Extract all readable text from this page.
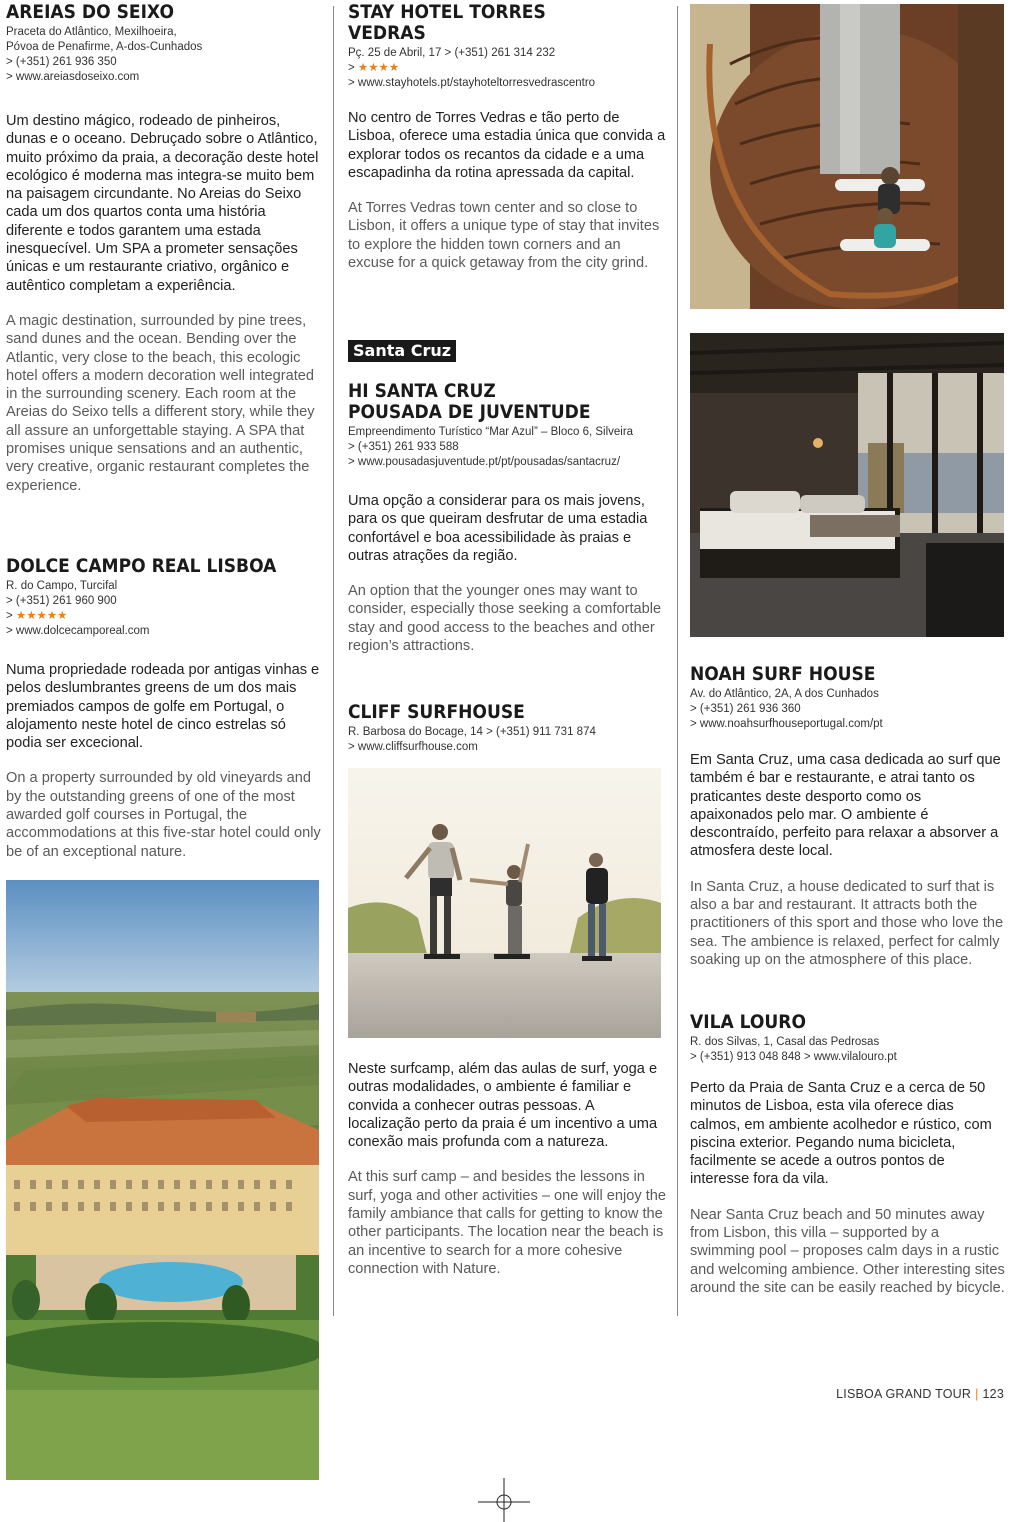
AREIAS DO SEIXO
Praceta do Atlântico, Mexilhoeira,
Póvoa de Penafirme, A-dos-Cunhados
> (+351) 261 936 350
> www.areiasdoseixo.com

Um destino mágico, rodeado de pinheiros, dunas e o oceano. Debruçado sobre o Atlântico, muito próximo da praia, a decoração deste hotel ecológico é moderna mas integra-se muito bem na paisagem circundante. No Areias do Seixo cada um dos quartos conta uma história diferente e todos garantem uma estada inesquecível. Um SPA a prometer sensações únicas e um restaurante criativo, orgânico e autêntico completam a experiência.

A magic destination, surrounded by pine trees, sand dunes and the ocean. Bending over the Atlantic, very close to the beach, this ecologic hotel offers a modern decoration well integrated in the surrounding scenery. Each room at the Areias do Seixo tells a different story, while they all assure an unforgettable staying. A SPA that promises unique sensations and an authentic, very creative, organic restaurant completes the experience.

DOLCE CAMPO REAL LISBOA
R. do Campo, Turcifal
> (+351) 261 960 900
> ★★★★★
> www.dolcecamporeal.com

Numa propriedade rodeada por antigas vinhas e pelos deslumbrantes greens de um dos mais premiados campos de golfe em Portugal, o alojamento neste hotel de cinco estrelas só podia ser excecional.

On a property surrounded by old vineyards and by the outstanding greens of one of the most awarded golf courses in Portugal, the accommodations at this five-star hotel could only be of an exceptional nature.

STAY HOTEL TORRES
VEDRAS
Pç. 25 de Abril, 17 > (+351) 261 314 232
> ★★★★
> www.stayhotels.pt/stayhoteltorresvedrascentro

No centro de Torres Vedras e tão perto de Lisboa, oferece uma estadia única que convida a explorar todos os recantos da cidade e a uma escapadinha da rotina apressada da capital.

At Torres Vedras town center and so close to Lisbon, it offers a unique type of stay that invites to explore the hidden town corners and an excuse for a quick getaway from the city grind.

Santa Cruz
HI SANTA CRUZ
POUSADA DE JUVENTUDE
Empreendimento Turístico “Mar Azul” – Bloco 6, Silveira
> (+351) 261 933 588
> www.pousadasjuventude.pt/pt/pousadas/santacruz/

Uma opção a considerar para os mais jovens, para os que queiram desfrutar de uma estadia confortável e boa acessibilidade às praias e outras atrações da região.

An option that the younger ones may want to consider, especially those seeking a comfortable stay and good access to the beaches and other region’s attractions.

CLIFF SURFHOUSE
R. Barbosa do Bocage, 14 > (+351) 911 731 874
> www.cliffsurfhouse.com

Neste surfcamp, além das aulas de surf, yoga e outras modalidades, o ambiente é familiar e convida a conhecer outras pessoas. A localização perto da praia é um incentivo a uma conexão mais profunda com a natureza.

At this surf camp – and besides the lessons in surf, yoga and other activities – one will enjoy the family ambiance that calls for getting to know the other participants. The location near the beach is an incentive to search for a more cohesive connection with Nature.

NOAH SURF HOUSE
Av. do Atlântico, 2A, A dos Cunhados
> (+351) 261 936 360
> www.noahsurfhouseportugal.com/pt

Em Santa Cruz, uma casa dedicada ao surf que também é bar e restaurante, e atrai tanto os praticantes deste desporto como os apaixonados pelo mar. O ambiente é descontraído, perfeito para relaxar a absorver a atmosfera deste local.

In Santa Cruz, a house dedicated to surf that is also a bar and restaurant. It attracts both the practitioners of this sport and those who love the sea. The ambience is relaxed, perfect for calmly soaking up on the atmosphere of this place.

VILA LOURO
R. dos Silvas, 1, Casal das Pedrosas
> (+351) 913 048 848 > www.vilalouro.pt

Perto da Praia de Santa Cruz e a cerca de 50 minutos de Lisboa, esta vila oferece dias calmos, em ambiente acolhedor e rústico, com piscina exterior. Pegando numa bicicleta, facilmente se acede a outros pontos de interesse fora da vila.

Near Santa Cruz beach and 50 minutes away from Lisbon, this villa – supported by a swimming pool – proposes calm days in a rustic and welcoming ambience. Other interesting sites around the site can be easily reached by bicycle.

LISBOA GRAND TOUR | 123
